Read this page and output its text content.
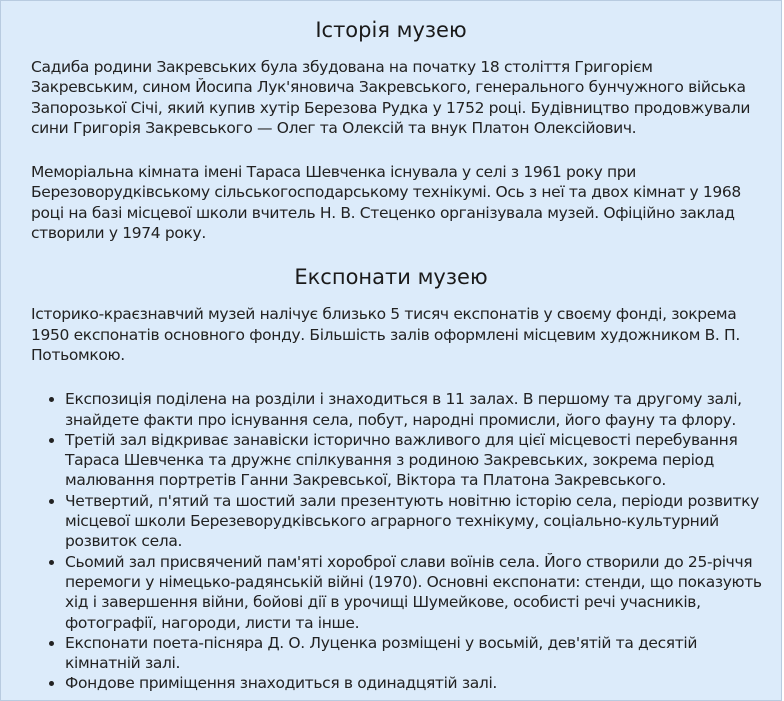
Історія музею

Садиба родини Закревських була збудована на початку 18 століття Григорієм Закревським, сином Йосипа Лук'яновича Закревського, генерального бунчужного війська Запорозької Січі, який купив хутір Березова Рудка у 1752 році. Будівництво продовжували сини Григорія Закревського — Олег та Олексій та внук Платон Олексійович.

Меморіальна кімната імені Тараса Шевченка існувала у селі з 1961 року при Березоворудківському сільськогосподарському технікумі. Ось з неї та двох кімнат у 1968 році на базі місцевої школи вчитель Н. В. Стеценко організувала музей. Офіційно заклад створили у 1974 року.

Експонати музею

Історико-краєзнавчий музей налічує близько 5 тисяч експонатів у своєму фонді, зокрема 1950 експонатів основного фонду. Більшість залів оформлені місцевим художником В. П. Потьомкою.

• Експозиція поділена на розділи і знаходиться в 11 залах. В першому та другому залі, знайдете факти про існування села, побут, народні промисли, його фауну та флору.
• Третій зал відкриває занавіски історично важливого для цієї місцевості перебування Тараса Шевченка та дружнє спілкування з родиною Закревських, зокрема період малювання портретів Ганни Закревської, Віктора та Платона Закревського.
• Четвертий, п'ятий та шостий зали презентують новітню історію села, періоди розвитку місцевої школи Березеворудківського аграрного технікуму, соціально-культурний розвиток села.
• Сьомий зал присвячений пам'яті хороброї слави воїнів села. Його створили до 25-річчя перемоги у німецько-радянській війні (1970). Основні експонати: стенди, що показують хід і завершення війни, бойові дії в урочищі Шумейкове, особисті речі учасників, фотографії, нагороди, листи та інше.
• Експонати поета-пісняра Д. О. Луценка розміщені у восьмій, дев'ятій та десятій кімнатній залі.
• Фондове приміщення знаходиться в одинадцятій залі.
